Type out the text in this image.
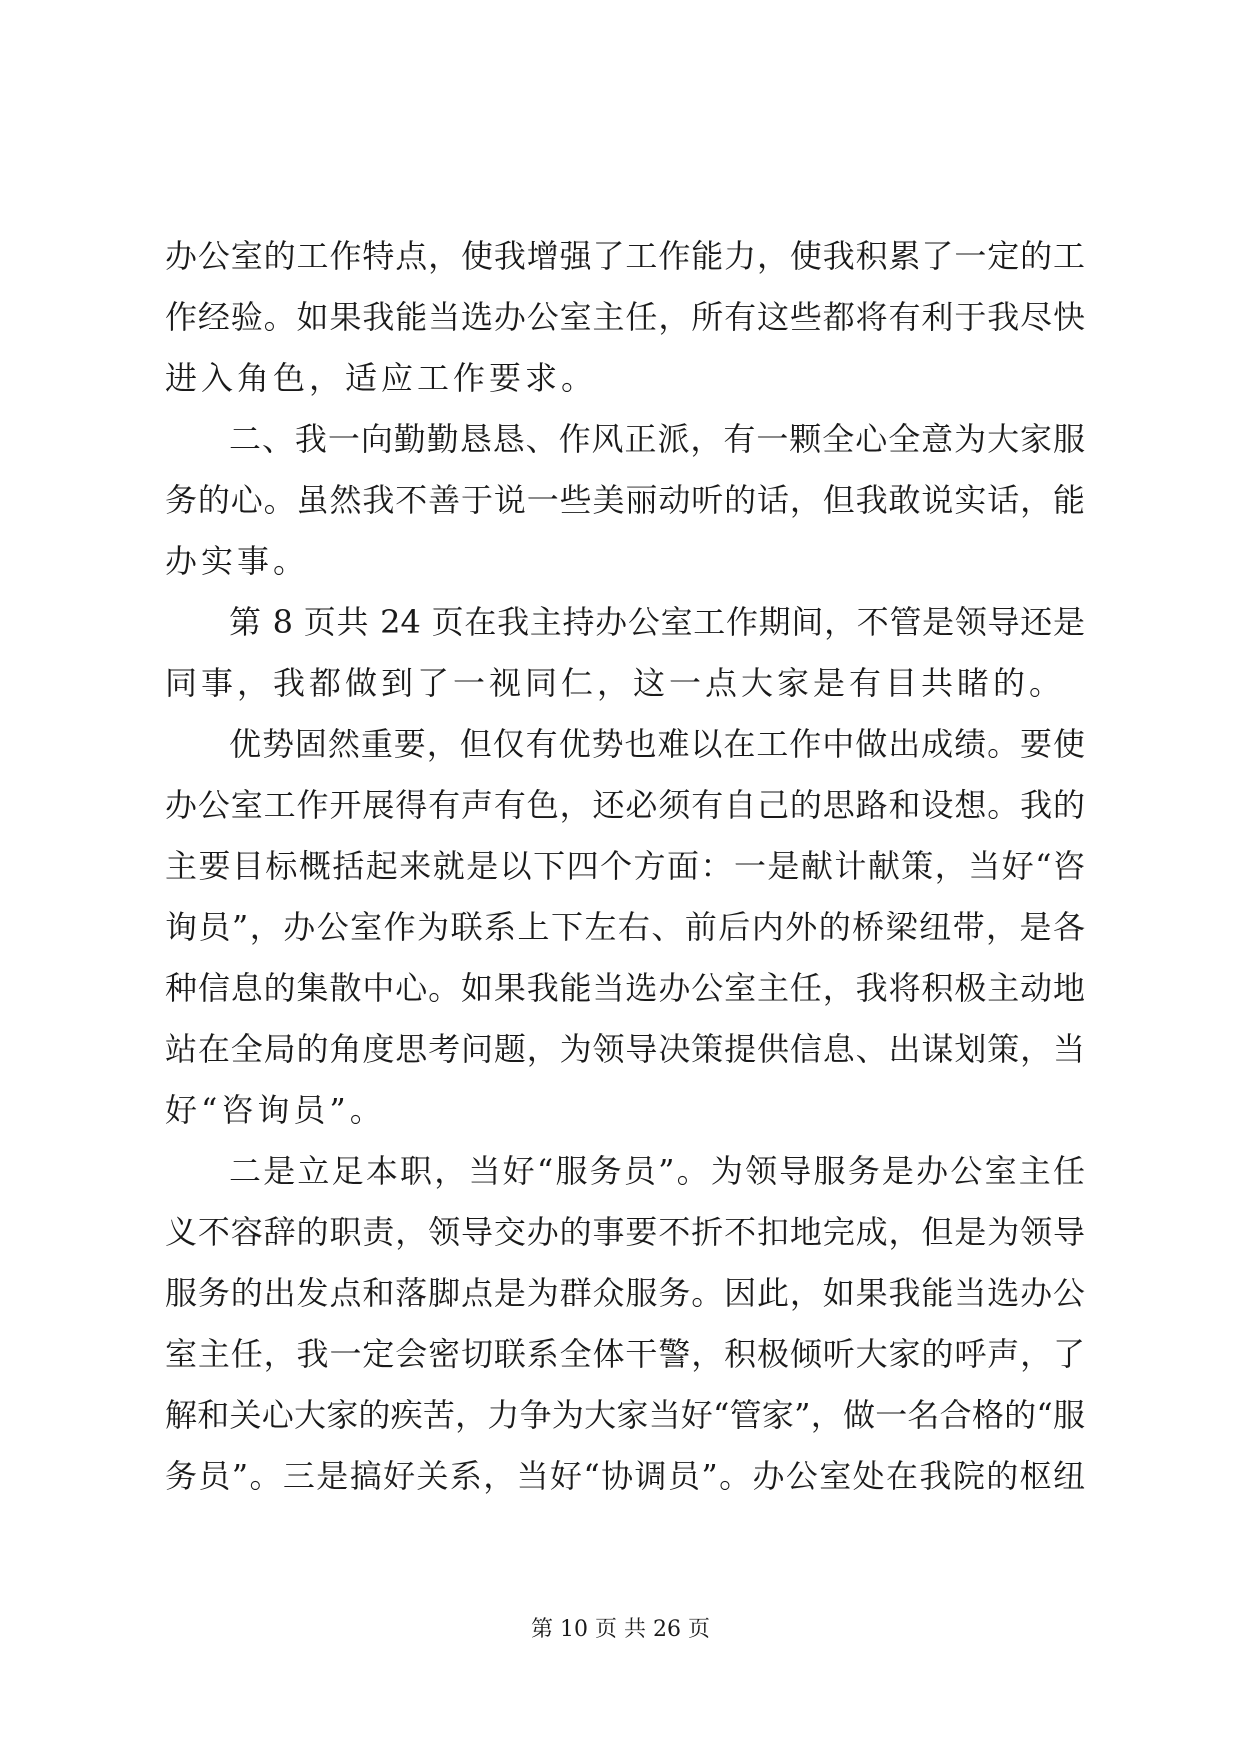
办公室的工作特点，使我增强了工作能力，使我积累了一定的工
作经验。如果我能当选办公室主任，所有这些都将有利于我尽快
进入角色，适应工作要求。
二、我一向勤勤恳恳、作风正派，有一颗全心全意为大家服
务的心。虽然我不善于说一些美丽动听的话，但我敢说实话，能
办实事。
第 8 页共 24 页在我主持办公室工作期间，不管是领导还是
同事，我都做到了一视同仁，这一点大家是有目共睹的。
优势固然重要，但仅有优势也难以在工作中做出成绩。要使
办公室工作开展得有声有色，还必须有自己的思路和设想。我的
主要目标概括起来就是以下四个方面：一是献计献策，当好“咨
询员”，办公室作为联系上下左右、前后内外的桥梁纽带，是各
种信息的集散中心。如果我能当选办公室主任，我将积极主动地
站在全局的角度思考问题，为领导决策提供信息、出谋划策，当
好“咨询员”。
二是立足本职，当好“服务员”。为领导服务是办公室主任
义不容辞的职责，领导交办的事要不折不扣地完成，但是为领导
服务的出发点和落脚点是为群众服务。因此，如果我能当选办公
室主任，我一定会密切联系全体干警，积极倾听大家的呼声，了
解和关心大家的疾苦，力争为大家当好“管家”，做一名合格的“服
务员”。三是搞好关系，当好“协调员”。办公室处在我院的枢纽
第 10 页 共 26 页
